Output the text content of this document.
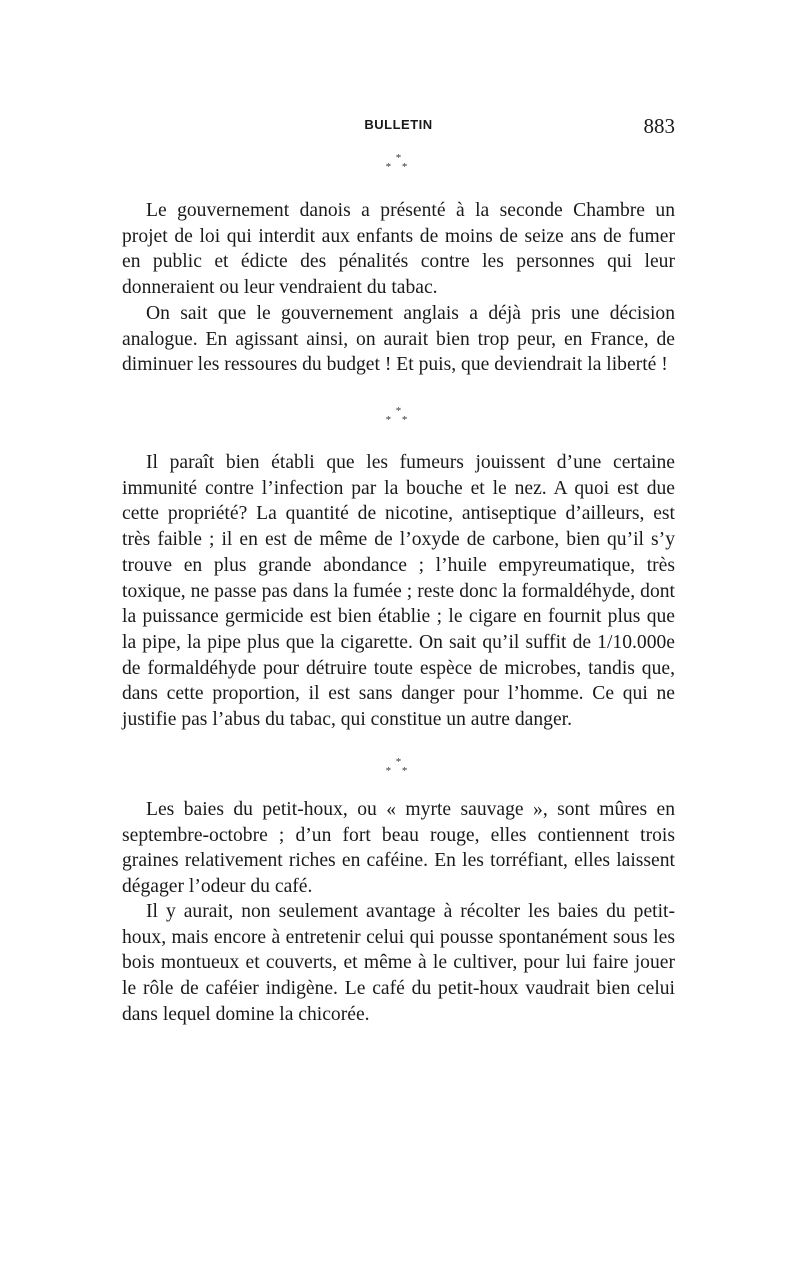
BULLETIN	883
*
* *

Le gouvernement danois a présenté à la seconde Chambre un projet de loi qui interdit aux enfants de moins de seize ans de fumer en public et édicte des pénalités contre les personnes qui leur donneraient ou leur vendraient du tabac.

On sait que le gouvernement anglais a déjà pris une décision analogue. En agissant ainsi, on aurait bien trop peur, en France, de diminuer les ressoures du budget ! Et puis, que deviendrait la liberté !

*
* *

Il paraît bien établi que les fumeurs jouissent d’une certaine immunité contre l’infection par la bouche et le nez. A quoi est due cette propriété? La quantité de nicotine, antiseptique d’ailleurs, est très faible ; il en est de même de l’oxyde de carbone, bien qu’il s’y trouve en plus grande abondance ; l’huile empyreumatique, très toxique, ne passe pas dans la fumée ; reste donc la formaldéhyde, dont la puissance germicide est bien établie ; le cigare en fournit plus que la pipe, la pipe plus que la cigarette. On sait qu’il suffit de 1/10.000e de formaldéhyde pour détruire toute espèce de microbes, tandis que, dans cette proportion, il est sans danger pour l’homme. Ce qui ne justifie pas l’abus du tabac, qui constitue un autre danger.

*
* *

Les baies du petit-houx, ou « myrte sauvage », sont mûres en septembre-octobre ; d’un fort beau rouge, elles contiennent trois graines relativement riches en caféine. En les torréfiant, elles laissent dégager l’odeur du café.

Il y aurait, non seulement avantage à récolter les baies du petit-houx, mais encore à entretenir celui qui pousse spontanément sous les bois montueux et couverts, et même à le cultiver, pour lui faire jouer le rôle de caféier indigène. Le café du petit-houx vaudrait bien celui dans lequel domine la chicorée.
